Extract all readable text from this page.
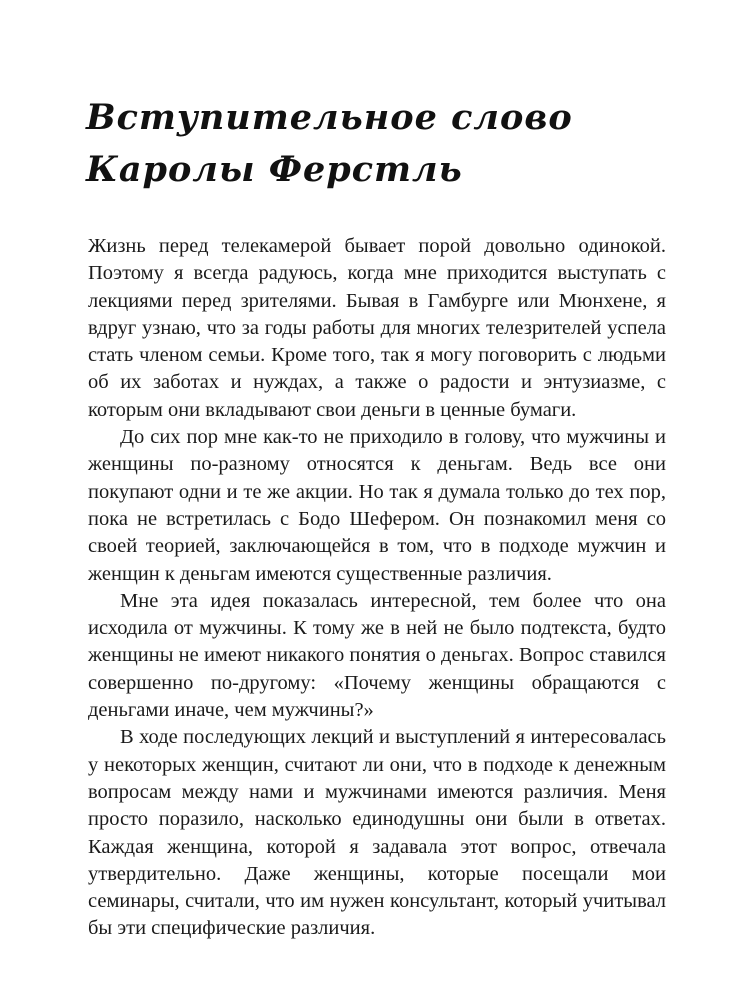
Вступительное слово
Каролы Ферстль

Жизнь перед телекамерой бывает порой довольно одинокой. Поэтому я всегда радуюсь, когда мне приходится выступать с лекциями перед зрителями. Бывая в Гамбурге или Мюнхене, я вдруг узнаю, что за годы работы для многих телезрителей успела стать членом семьи. Кроме того, так я могу поговорить с людьми об их заботах и нуждах, а также о радости и энтузиазме, с которым они вкладывают свои деньги в ценные бумаги.

До сих пор мне как-то не приходило в голову, что мужчины и женщины по-разному относятся к деньгам. Ведь все они покупают одни и те же акции. Но так я думала только до тех пор, пока не встретилась с Бодо Шефером. Он познакомил меня со своей теорией, заключающейся в том, что в подходе мужчин и женщин к деньгам имеются существенные различия.

Мне эта идея показалась интересной, тем более что она исходила от мужчины. К тому же в ней не было подтекста, будто женщины не имеют никакого понятия о деньгах. Вопрос ставился совершенно по-другому: «Почему женщины обращаются с деньгами иначе, чем мужчины?»

В ходе последующих лекций и выступлений я интересовалась у некоторых женщин, считают ли они, что в подходе к денежным вопросам между нами и мужчинами имеются различия. Меня просто поразило, насколько единодушны они были в ответах. Каждая женщина, которой я задавала этот вопрос, отвечала утвердительно. Даже женщины, которые посещали мои семинары, считали, что им нужен консультант, который учитывал бы эти специфические различия.
